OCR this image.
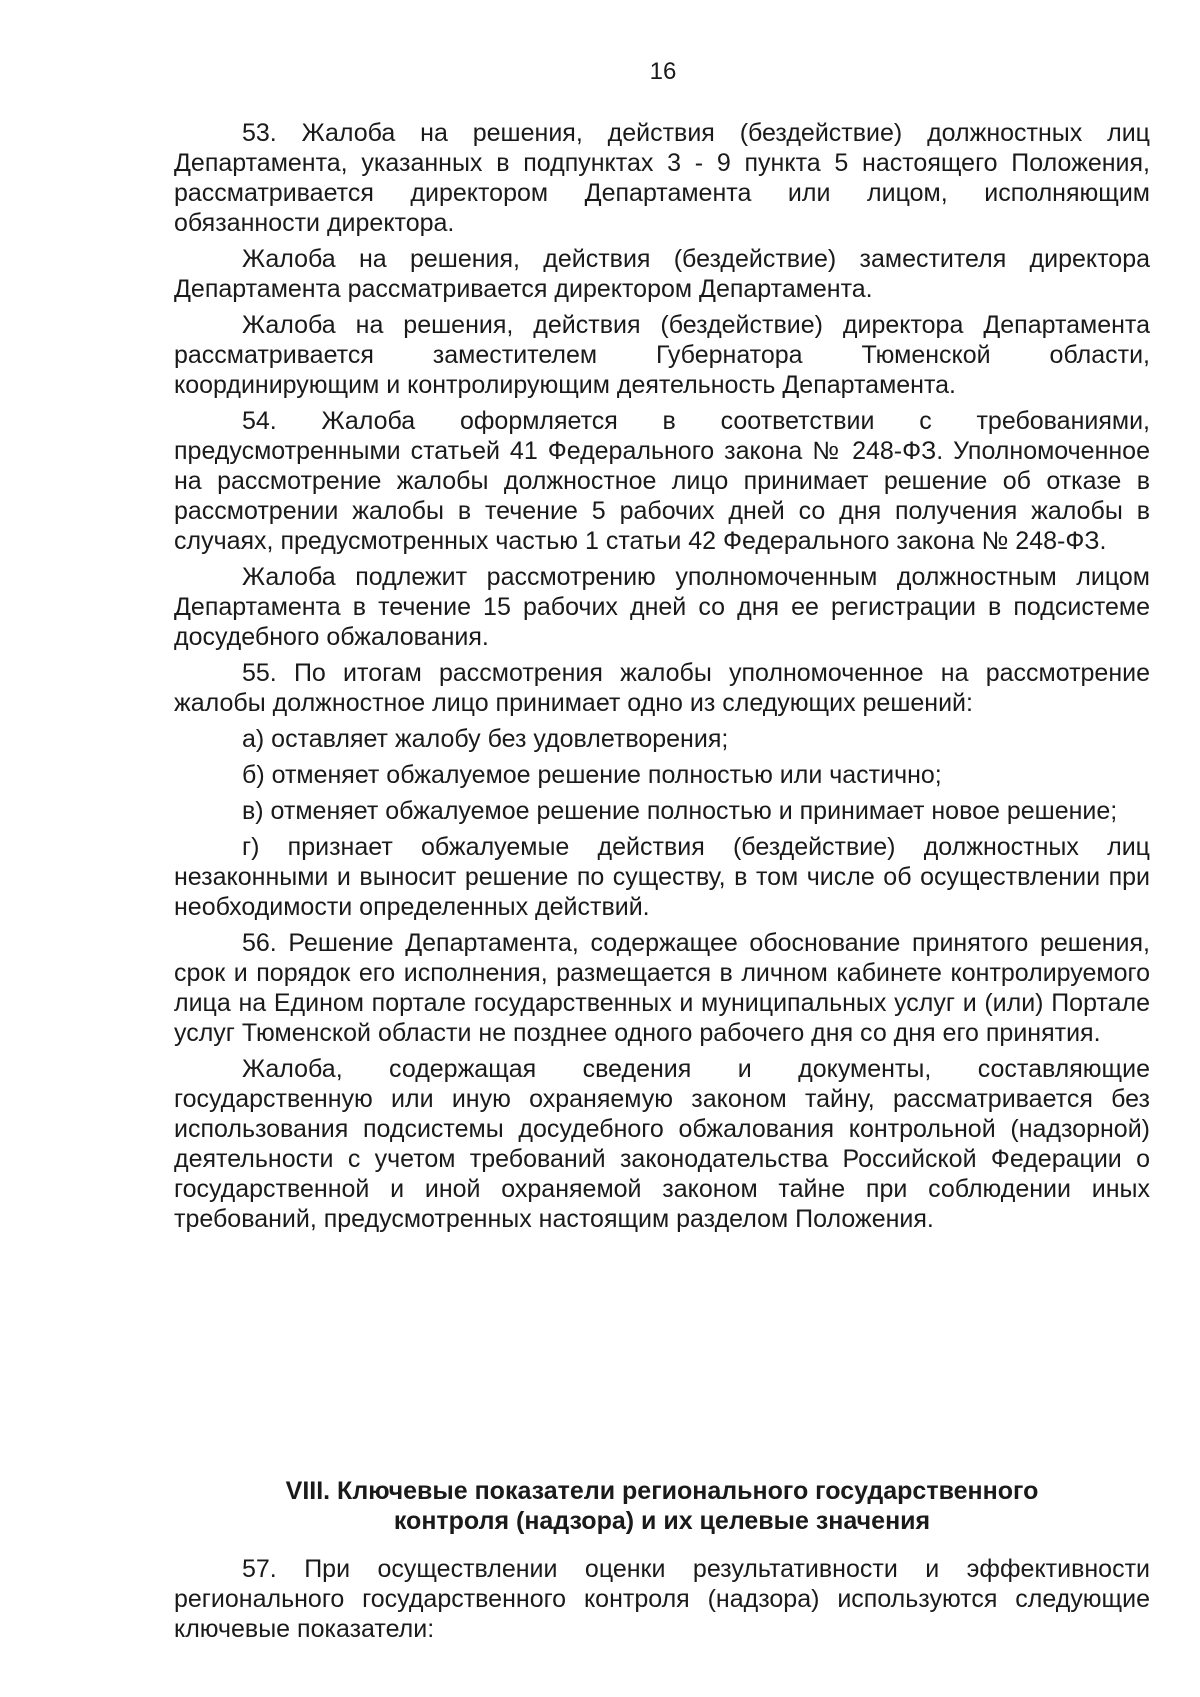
16

53. Жалоба на решения, действия (бездействие) должностных лиц Департамента, указанных в подпунктах 3 - 9 пункта 5 настоящего Положения, рассматривается директором Департамента или лицом, исполняющим обязанности директора.

Жалоба на решения, действия (бездействие) заместителя директора Департамента рассматривается директором Департамента.

Жалоба на решения, действия (бездействие) директора Департамента рассматривается заместителем Губернатора Тюменской области, координирующим и контролирующим деятельность Департамента.

54. Жалоба оформляется в соответствии с требованиями, предусмотренными статьей 41 Федерального закона № 248-ФЗ. Уполномоченное на рассмотрение жалобы должностное лицо принимает решение об отказе в рассмотрении жалобы в течение 5 рабочих дней со дня получения жалобы в случаях, предусмотренных частью 1 статьи 42 Федерального закона № 248-ФЗ.

Жалоба подлежит рассмотрению уполномоченным должностным лицом Департамента в течение 15 рабочих дней со дня ее регистрации в подсистеме досудебного обжалования.

55. По итогам рассмотрения жалобы уполномоченное на рассмотрение жалобы должностное лицо принимает одно из следующих решений:

а) оставляет жалобу без удовлетворения;

б) отменяет обжалуемое решение полностью или частично;

в) отменяет обжалуемое решение полностью и принимает новое решение;

г) признает обжалуемые действия (бездействие) должностных лиц незаконными и выносит решение по существу, в том числе об осуществлении при необходимости определенных действий.

56. Решение Департамента, содержащее обоснование принятого решения, срок и порядок его исполнения, размещается в личном кабинете контролируемого лица на Едином портале государственных и муниципальных услуг и (или) Портале услуг Тюменской области не позднее одного рабочего дня со дня его принятия.

Жалоба, содержащая сведения и документы, составляющие государственную или иную охраняемую законом тайну, рассматривается без использования подсистемы досудебного обжалования контрольной (надзорной) деятельности с учетом требований законодательства Российской Федерации о государственной и иной охраняемой законом тайне при соблюдении иных требований, предусмотренных настоящим разделом Положения.

VIII. Ключевые показатели регионального государственного
контроля (надзора) и их целевые значения

57. При осуществлении оценки результативности и эффективности регионального государственного контроля (надзора) используются следующие ключевые показатели:
